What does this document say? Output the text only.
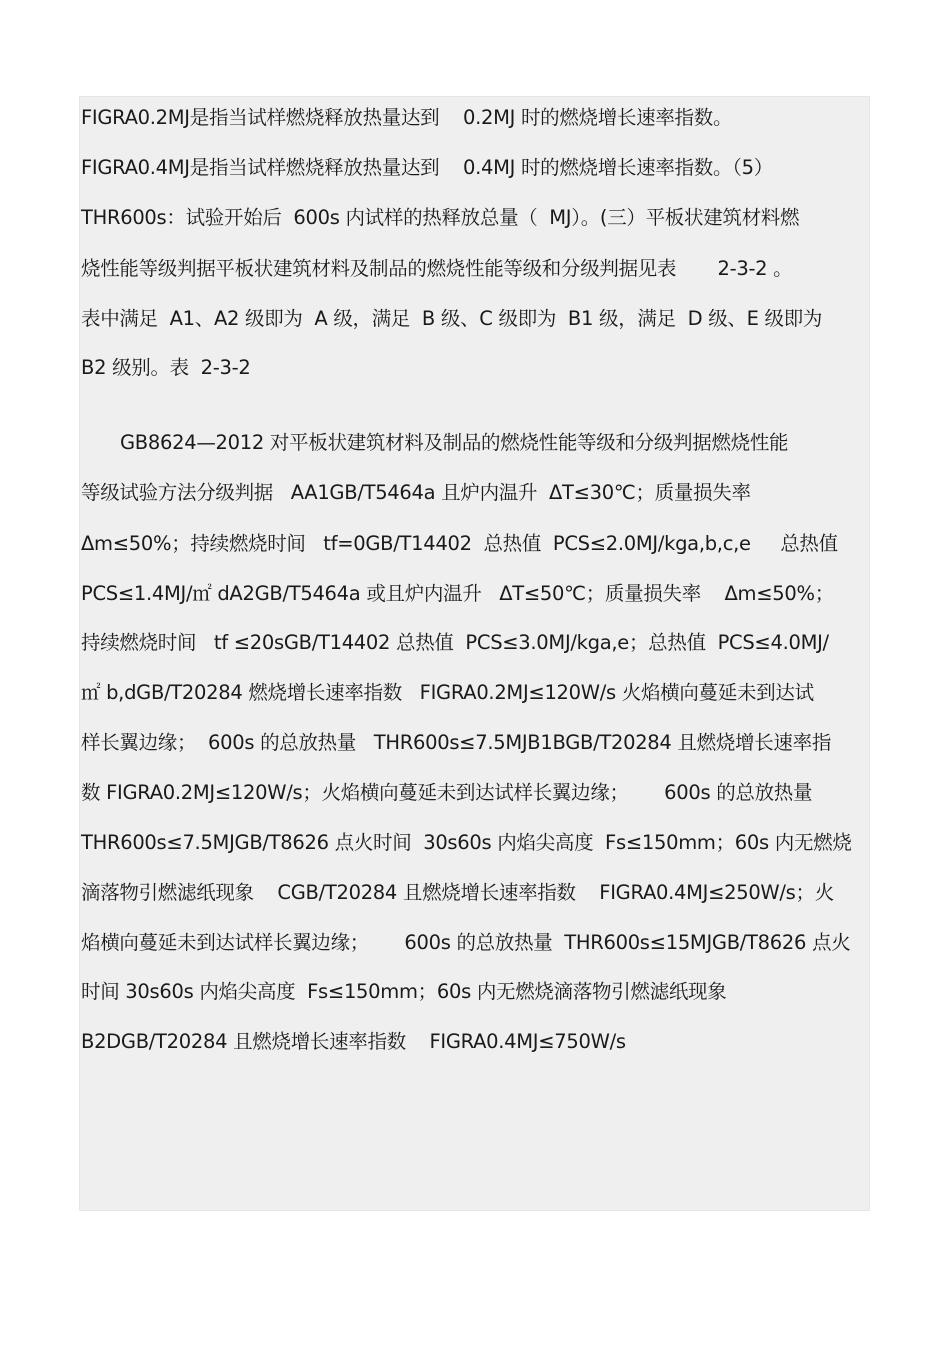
FIGRA0.2MJ是指当试样燃烧释放热量达到    0.2MJ 时的燃烧增长速率指数。

FIGRA0.4MJ是指当试样燃烧释放热量达到    0.4MJ 时的燃烧增长速率指数。（5）

THR600s：试验开始后  600s 内试样的热释放总量（  MJ）。(三）平板状建筑材料燃

烧性能等级判据平板状建筑材料及制品的燃烧性能等级和分级判据见表       2-3-2 。

表中满足  A1、A2 级即为  A 级，满足  B 级、C 级即为  B1 级，满足  D 级、E 级即为

B2 级别。表  2-3-2

GB8624—2012 对平板状建筑材料及制品的燃烧性能等级和分级判据燃烧性能

等级试验方法分级判据   AA1GB/T5464a 且炉内温升  ΔT≤30℃；质量损失率

Δm≤50%；持续燃烧时间   tf=0GB/T14402  总热值  PCS≤2.0MJ/kga,b,c,e     总热值

PCS≤1.4MJ/㎡ dA2GB/T5464a 或且炉内温升   ΔT≤50℃；质量损失率    Δm≤50%；

持续燃烧时间   tf ≤20sGB/T14402 总热值  PCS≤3.0MJ/kga,e；总热值  PCS≤4.0MJ/

㎡ b,dGB/T20284 燃烧增长速率指数   FIGRA0.2MJ≤120W/s 火焰横向蔓延未到达试

样长翼边缘；  600s 的总放热量   THR600s≤7.5MJB1BGB/T20284 且燃烧增长速率指

数 FIGRA0.2MJ≤120W/s；火焰横向蔓延未到达试样长翼边缘；      600s 的总放热量

THR600s≤7.5MJGB/T8626 点火时间  30s60s 内焰尖高度  Fs≤150mm；60s 内无燃烧

滴落物引燃滤纸现象    CGB/T20284 且燃烧增长速率指数    FIGRA0.4MJ≤250W/s；火

焰横向蔓延未到达试样长翼边缘；      600s 的总放热量  THR600s≤15MJGB/T8626 点火

时间 30s60s 内焰尖高度  Fs≤150mm；60s 内无燃烧滴落物引燃滤纸现象

B2DGB/T20284 且燃烧增长速率指数    FIGRA0.4MJ≤750W/s
